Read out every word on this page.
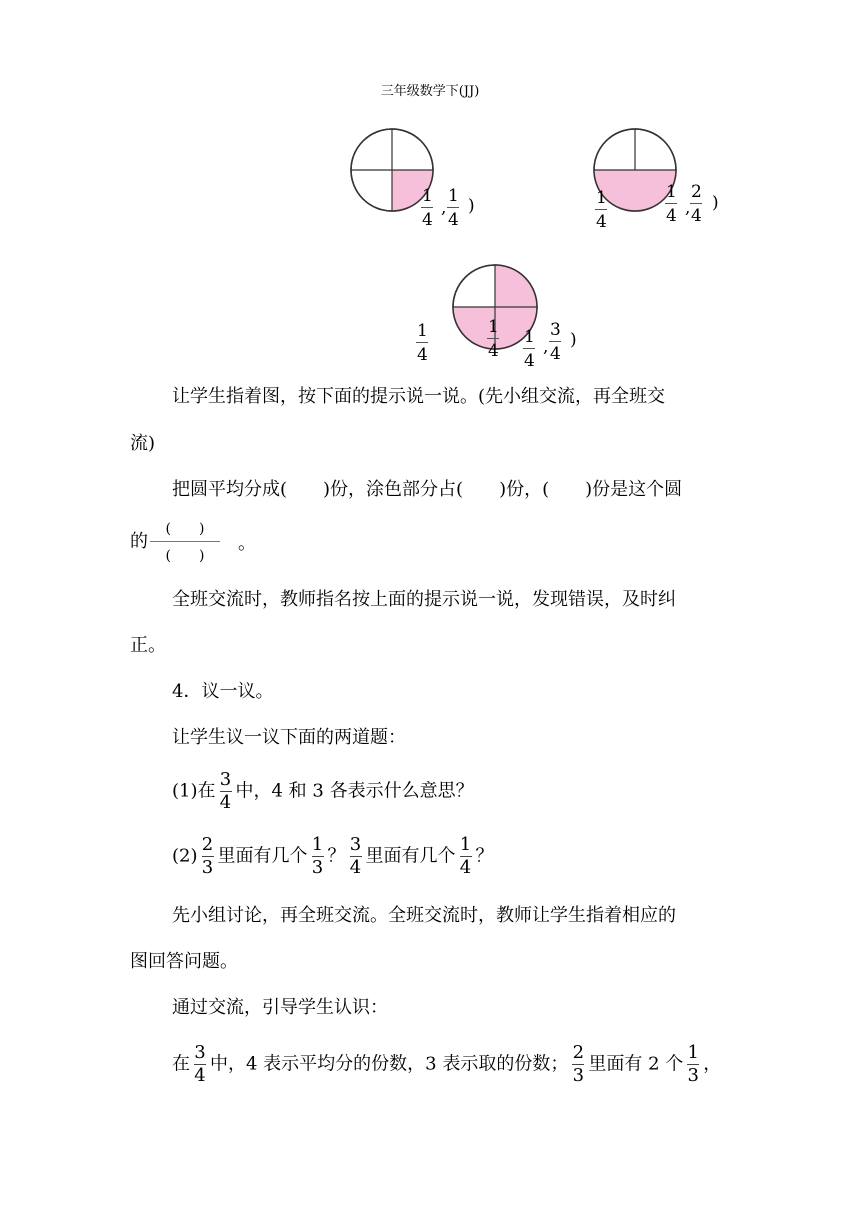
三年级数学下(JJ)
1
4
,
1
4
)	1
4
1
4 ,
2
4
)
1
4
1
4
1
4
,
3
4
)
让学生指着图，按下面的提示说一说。(先小组交流，再全班交
流)
把圆平均分成(　　)份，涂色部分占(　　)份，(　　)份是这个圆
的
(　　)
(　　)
。
全班交流时，教师指名按上面的提示说一说，发现错误，及时纠
正。
4．议一议。
让学生议一议下面的两道题：
(1)在 $\frac{3}{4}$ 中，4 和 3 各表示什么意思？
$(2) \frac{2}{3}$ 里面有几个 $\frac{1}{3}$ ？ $\frac{3}{4}$ 里面有几个 $\frac{1}{4}$ ？
先小组讨论，再全班交流。全班交流时，教师让学生指着相应的
图回答问题。
通过交流，引导学生认识：
在 $\frac{3}{4}$ 中，4 表示平均分的份数，3 表示取的份数； $\frac{2}{3}$ 里面有 2 个 $\frac{1}{3}$ ，
